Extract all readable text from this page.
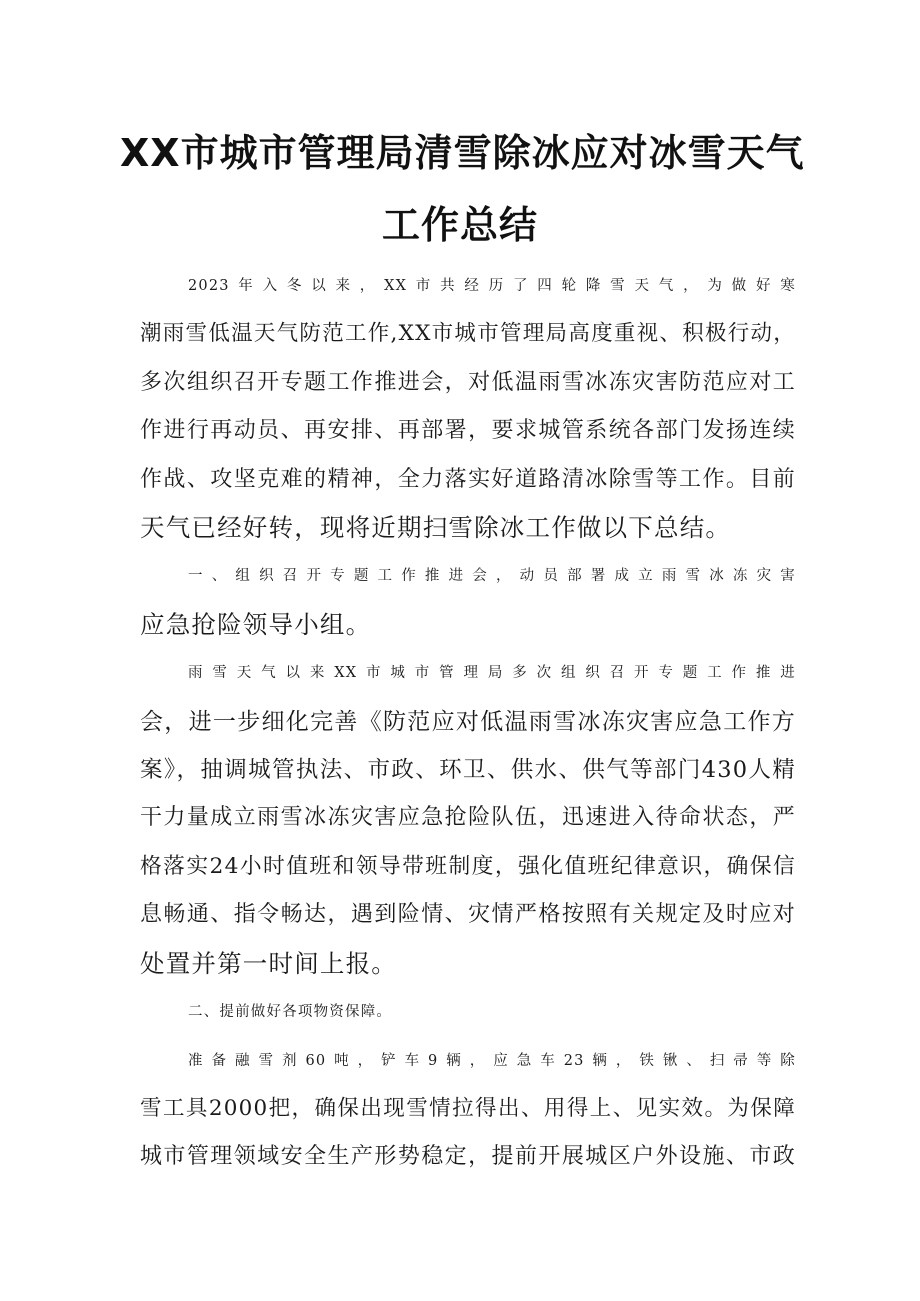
XX市城市管理局清雪除冰应对冰雪天气
工作总结

2023年入冬以来，XX市共经历了四轮降雪天气，为做好寒
潮雨雪低温天气防范工作,XX市城市管理局高度重视、积极行动，
多次组织召开专题工作推进会，对低温雨雪冰冻灾害防范应对工
作进行再动员、再安排、再部署，要求城管系统各部门发扬连续
作战、攻坚克难的精神，全力落实好道路清冰除雪等工作。目前
天气已经好转，现将近期扫雪除冰工作做以下总结。

一、组织召开专题工作推进会，动员部署成立雨雪冰冻灾害
应急抢险领导小组。

雨雪天气以来XX市城市管理局多次组织召开专题工作推进
会，进一步细化完善《防范应对低温雨雪冰冻灾害应急工作方
案》，抽调城管执法、市政、环卫、供水、供气等部门430人精
干力量成立雨雪冰冻灾害应急抢险队伍，迅速进入待命状态，严
格落实24小时值班和领导带班制度，强化值班纪律意识，确保信
息畅通、指令畅达，遇到险情、灾情严格按照有关规定及时应对
处置并第一时间上报。

二、提前做好各项物资保障。

准备融雪剂60吨，铲车9辆，应急车23辆，铁锹、扫帚等除
雪工具2000把，确保出现雪情拉得出、用得上、见实效。为保障
城市管理领域安全生产形势稳定，提前开展城区户外设施、市政
